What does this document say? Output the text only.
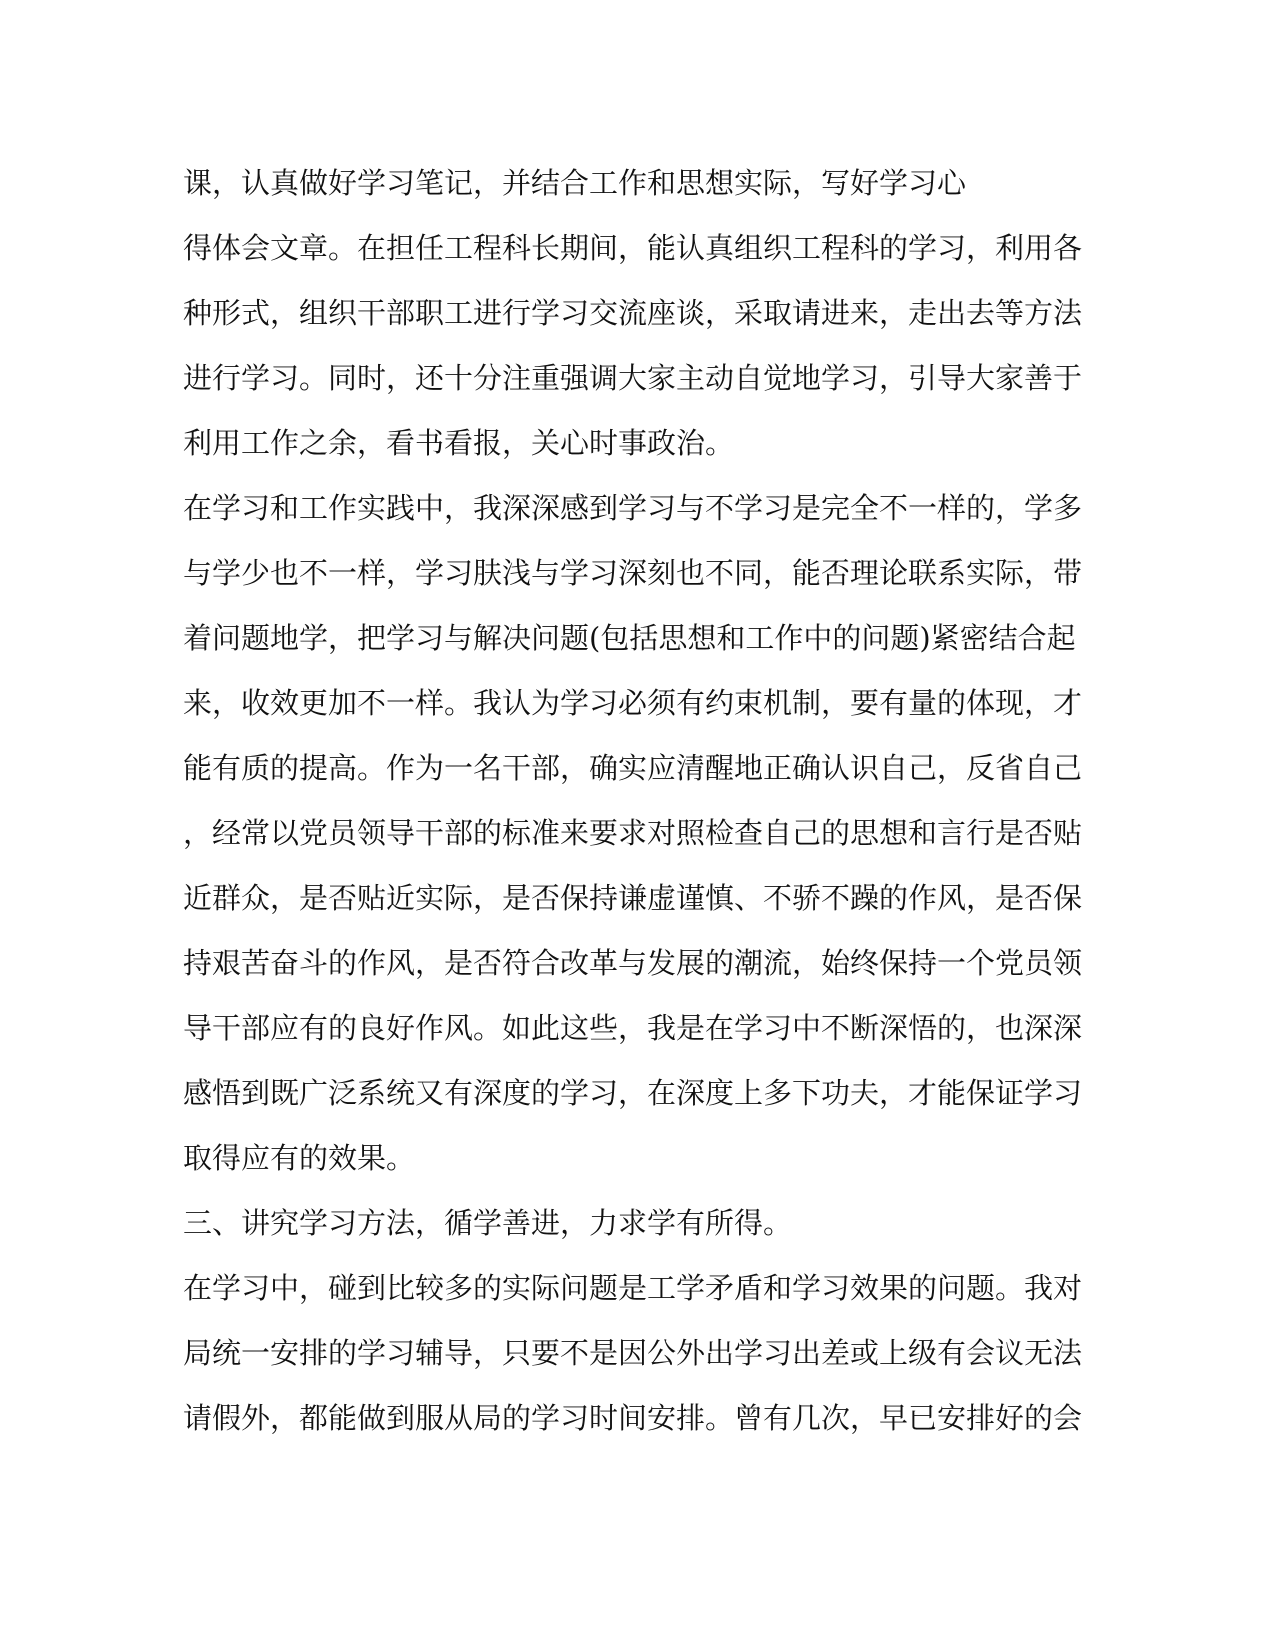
课，认真做好学习笔记，并结合工作和思想实际，写好学习心
得体会文章。在担任工程科长期间，能认真组织工程科的学习，利用各
种形式，组织干部职工进行学习交流座谈，采取请进来，走出去等方法
进行学习。同时，还十分注重强调大家主动自觉地学习，引导大家善于
利用工作之余，看书看报，关心时事政治。
在学习和工作实践中，我深深感到学习与不学习是完全不一样的，学多
与学少也不一样，学习肤浅与学习深刻也不同，能否理论联系实际，带
着问题地学，把学习与解决问题(包括思想和工作中的问题)紧密结合起
来，收效更加不一样。我认为学习必须有约束机制，要有量的体现，才
能有质的提高。作为一名干部，确实应清醒地正确认识自己，反省自己
，经常以党员领导干部的标准来要求对照检查自己的思想和言行是否贴
近群众，是否贴近实际，是否保持谦虚谨慎、不骄不躁的作风，是否保
持艰苦奋斗的作风，是否符合改革与发展的潮流，始终保持一个党员领
导干部应有的良好作风。如此这些，我是在学习中不断深悟的，也深深
感悟到既广泛系统又有深度的学习，在深度上多下功夫，才能保证学习
取得应有的效果。
三、讲究学习方法，循学善进，力求学有所得。
在学习中，碰到比较多的实际问题是工学矛盾和学习效果的问题。我对
局统一安排的学习辅导，只要不是因公外出学习出差或上级有会议无法
请假外，都能做到服从局的学习时间安排。曾有几次，早已安排好的会
